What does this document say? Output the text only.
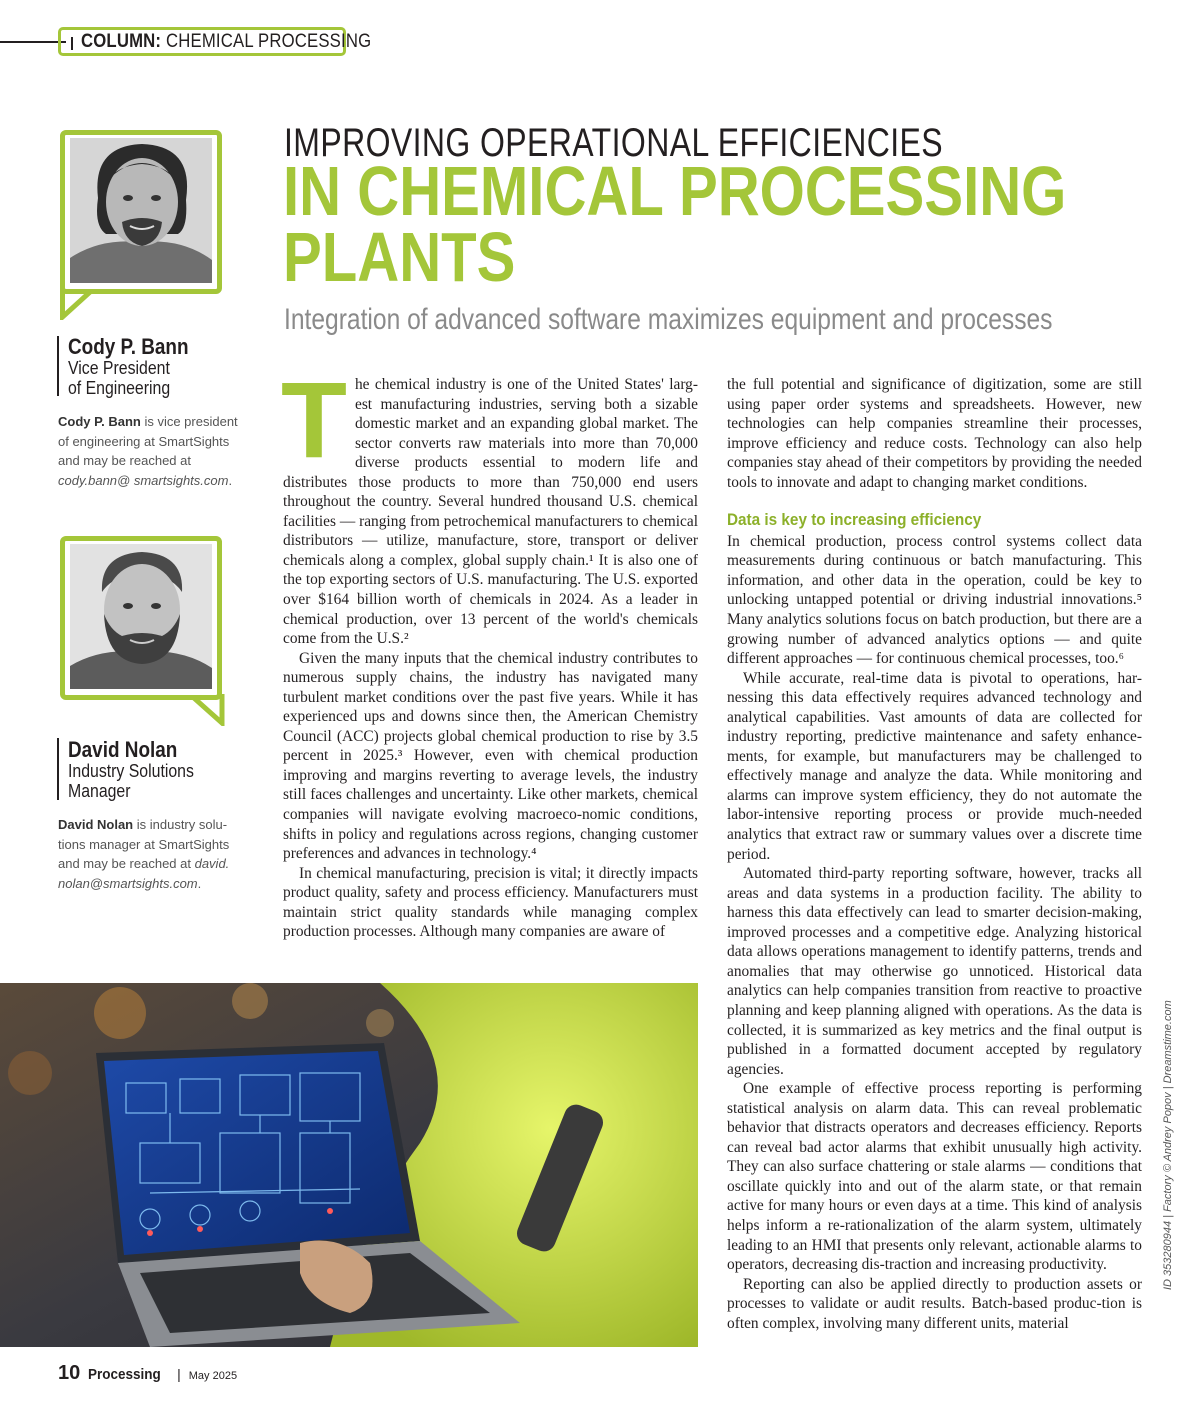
COLUMN: CHEMICAL PROCESSING
Cody P. Bann
Vice President
of Engineering
Cody P. Bann is vice president of engineering at SmartSights and may be reached at cody.bann@ smartsights.com.
David Nolan
Industry Solutions
Manager
David Nolan is industry solu-tions manager at SmartSights and may be reached at david. nolan@smartsights.com.
IMPROVING OPERATIONAL EFFICIENCIES
IN CHEMICAL PROCESSING
PLANTS
Integration of advanced software maximizes equipment and processes

The chemical industry is one of the United States' larg-est manufacturing industries, serving both a sizable domestic market and an expanding global market. The sector converts raw materials into more than 70,000 diverse products essential to modern life and distributes those products to more than 750,000 end users throughout the country. Several hundred thousand U.S. chemical facilities — ranging from petrochemical manufacturers to chemical distributors — utilize, manufacture, store, transport or deliver chemicals along a complex, global supply chain.¹ It is also one of the top exporting sectors of U.S. manufacturing. The U.S. exported over $164 billion worth of chemicals in 2024. As a leader in chemical production, over 13 percent of the world's chemicals come from the U.S.²

Given the many inputs that the chemical industry contributes to numerous supply chains, the industry has navigated many turbulent market conditions over the past five years. While it has experienced ups and downs since then, the American Chemistry Council (ACC) projects global chemical production to rise by 3.5 percent in 2025.³ However, even with chemical production improving and margins reverting to average levels, the industry still faces challenges and uncertainty. Like other markets, chemical companies will navigate evolving macroeco-nomic conditions, shifts in policy and regulations across regions, changing customer preferences and advances in technology.⁴

In chemical manufacturing, precision is vital; it directly impacts product quality, safety and process efficiency. Manufacturers must maintain strict quality standards while managing complex production processes. Although many companies are aware of

the full potential and significance of digitization, some are still using paper order systems and spreadsheets. However, new technologies can help companies streamline their processes, improve efficiency and reduce costs. Technology can also help companies stay ahead of their competitors by providing the needed tools to innovate and adapt to changing market conditions.

Data is key to increasing efficiency

In chemical production, process control systems collect data measurements during continuous or batch manufacturing. This information, and other data in the operation, could be key to unlocking untapped potential or driving industrial innovations.⁵ Many analytics solutions focus on batch production, but there are a growing number of advanced analytics options — and quite different approaches — for continuous chemical processes, too.⁶

While accurate, real-time data is pivotal to operations, har-nessing this data effectively requires advanced technology and analytical capabilities. Vast amounts of data are collected for industry reporting, predictive maintenance and safety enhance-ments, for example, but manufacturers may be challenged to effectively manage and analyze the data. While monitoring and alarms can improve system efficiency, they do not automate the labor-intensive reporting process or provide much-needed analytics that extract raw or summary values over a discrete time period.

Automated third-party reporting software, however, tracks all areas and data systems in a production facility. The ability to harness this data effectively can lead to smarter decision-making, improved processes and a competitive edge. Analyzing historical data allows operations management to identify patterns, trends and anomalies that may otherwise go unnoticed. Historical data analytics can help companies transition from reactive to proactive planning and keep planning aligned with operations. As the data is collected, it is summarized as key metrics and the final output is published in a formatted document accepted by regulatory agencies.

One example of effective process reporting is performing statistical analysis on alarm data. This can reveal problematic behavior that distracts operators and decreases efficiency. Reports can reveal bad actor alarms that exhibit unusually high activity. They can also surface chattering or stale alarms — conditions that oscillate quickly into and out of the alarm state, or that remain active for many hours or even days at a time. This kind of analysis helps inform a re-rationalization of the alarm system, ultimately leading to an HMI that presents only relevant, actionable alarms to operators, decreasing dis-traction and increasing productivity.

Reporting can also be applied directly to production assets or processes to validate or audit results. Batch-based produc-tion is often complex, involving many different units, material

ID 353280944 | Factory © Andrey Popov | Dreamstime.com
10 Processing | May 2025
